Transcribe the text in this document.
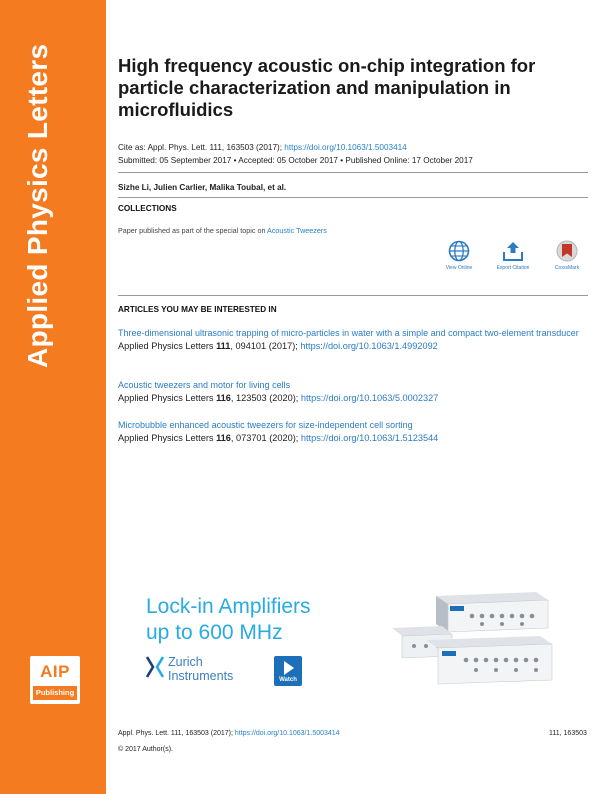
Applied Physics Letters
AIP
Publishing
High frequency acoustic on-chip integration for particle characterization and manipulation in microfluidics
Cite as: Appl. Phys. Lett. 111, 163503 (2017); https://doi.org/10.1063/1.5003414
Submitted: 05 September 2017 • Accepted: 05 October 2017 • Published Online: 17 October 2017
Sizhe Li, Julien Carlier, Malika Toubal, et al.
COLLECTIONS
Paper published as part of the special topic on Acoustic Tweezers
View Online	Export Citation	CrossMark
ARTICLES YOU MAY BE INTERESTED IN
Three-dimensional ultrasonic trapping of micro-particles in water with a simple and compact two-element transducer
Applied Physics Letters 111, 094101 (2017); https://doi.org/10.1063/1.4992092
Acoustic tweezers and motor for living cells
Applied Physics Letters 116, 123503 (2020); https://doi.org/10.1063/5.0002327
Microbubble enhanced acoustic tweezers for size-independent cell sorting
Applied Physics Letters 116, 073701 (2020); https://doi.org/10.1063/1.5123544
Lock-in Amplifiers
up to 600 MHz
Zurich
Instruments	Watch
Appl. Phys. Lett. 111, 163503 (2017); https://doi.org/10.1063/1.5003414	111, 163503
© 2017 Author(s).
